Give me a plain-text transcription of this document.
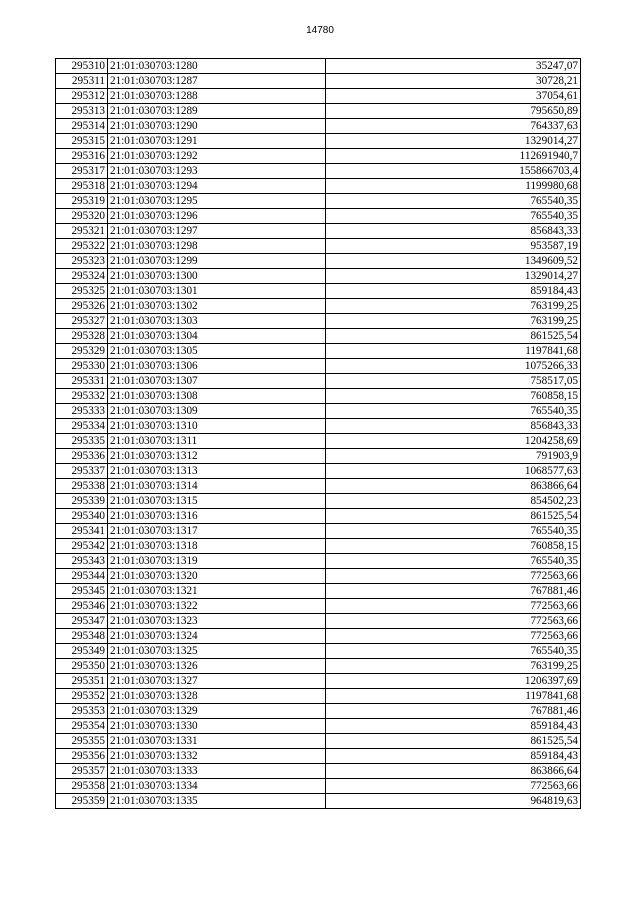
14780
295310	21:01:030703:1280	35247,07
295311	21:01:030703:1287	30728,21
295312	21:01:030703:1288	37054,61
295313	21:01:030703:1289	795650,89
295314	21:01:030703:1290	764337,63
295315	21:01:030703:1291	1329014,27
295316	21:01:030703:1292	112691940,7
295317	21:01:030703:1293	155866703,4
295318	21:01:030703:1294	1199980,68
295319	21:01:030703:1295	765540,35
295320	21:01:030703:1296	765540,35
295321	21:01:030703:1297	856843,33
295322	21:01:030703:1298	953587,19
295323	21:01:030703:1299	1349609,52
295324	21:01:030703:1300	1329014,27
295325	21:01:030703:1301	859184,43
295326	21:01:030703:1302	763199,25
295327	21:01:030703:1303	763199,25
295328	21:01:030703:1304	861525,54
295329	21:01:030703:1305	1197841,68
295330	21:01:030703:1306	1075266,33
295331	21:01:030703:1307	758517,05
295332	21:01:030703:1308	760858,15
295333	21:01:030703:1309	765540,35
295334	21:01:030703:1310	856843,33
295335	21:01:030703:1311	1204258,69
295336	21:01:030703:1312	791903,9
295337	21:01:030703:1313	1068577,63
295338	21:01:030703:1314	863866,64
295339	21:01:030703:1315	854502,23
295340	21:01:030703:1316	861525,54
295341	21:01:030703:1317	765540,35
295342	21:01:030703:1318	760858,15
295343	21:01:030703:1319	765540,35
295344	21:01:030703:1320	772563,66
295345	21:01:030703:1321	767881,46
295346	21:01:030703:1322	772563,66
295347	21:01:030703:1323	772563,66
295348	21:01:030703:1324	772563,66
295349	21:01:030703:1325	765540,35
295350	21:01:030703:1326	763199,25
295351	21:01:030703:1327	1206397,69
295352	21:01:030703:1328	1197841,68
295353	21:01:030703:1329	767881,46
295354	21:01:030703:1330	859184,43
295355	21:01:030703:1331	861525,54
295356	21:01:030703:1332	859184,43
295357	21:01:030703:1333	863866,64
295358	21:01:030703:1334	772563,66
295359	21:01:030703:1335	964819,63
